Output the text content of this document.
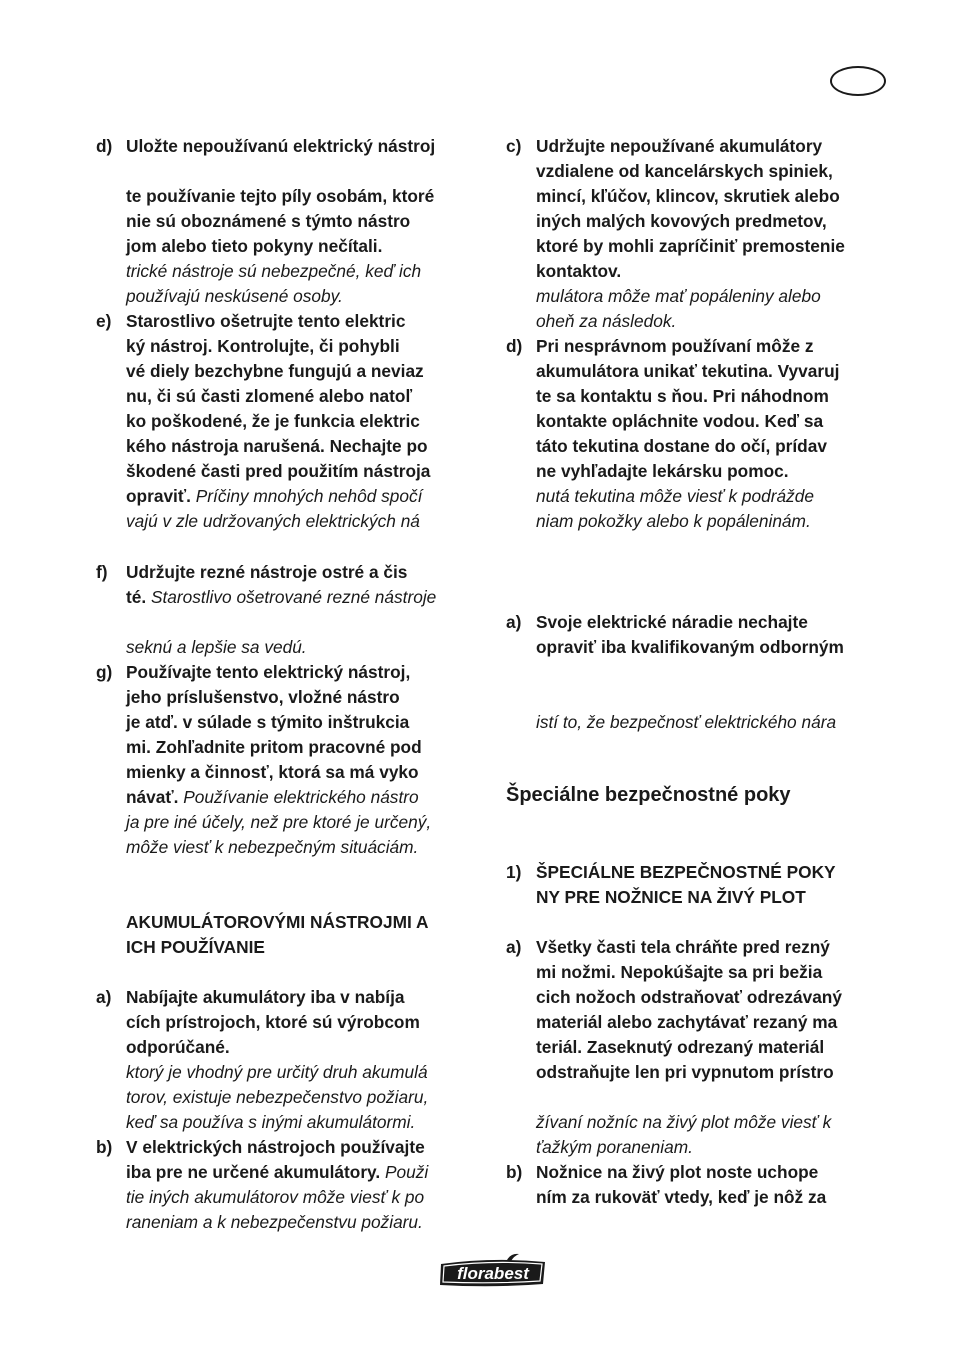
d) Uložte nepoužívanú elektrický nástroj
te používanie tejto píly osobám, ktoré
nie sú oboznámené s týmto nástro
jom alebo tieto pokyny nečítali.
trické nástroje sú nebezpečné, keď ich
používajú neskúsené osoby.
e) Starostlivo ošetrujte tento elektric
ký nástroj. Kontrolujte, či pohybli
vé diely bezchybne fungujú a neviaz
nu, či sú časti zlomené alebo natoľ
ko poškodené, že je funkcia elektric
kého nástroja narušená. Nechajte po
škodené časti pred použitím nástroja
opraviť. Príčiny mnohých nehôd spočí
vajú v zle udržovaných elektrických ná
f) Udržujte rezné nástroje ostré a čis
té. Starostlivo ošetrované rezné nástroje
seknú a lepšie sa vedú.
g) Používajte tento elektrický nástroj,
jeho príslušenstvo, vložné nástro
je atď. v súlade s týmito inštrukcia
mi. Zohľadnite pritom pracovné pod
mienky a činnosť, ktorá sa má vyko
návať. Používanie elektrického nástro
ja pre iné účely, než pre ktoré je určený,
môže viesť k nebezpečným situáciám.
AKUMULÁTOROVÝMI NÁSTROJMI A
ICH POUŽÍVANIE
a) Nabíjajte akumulátory iba v nabíja
cích prístrojoch, ktoré sú výrobcom
odporúčané.
ktorý je vhodný pre určitý druh akumulá
torov, existuje nebezpečenstvo požiaru,
keď sa používa s inými akumulátormi.
b) V elektrických nástrojoch používajte
iba pre ne určené akumulátory. Použi
tie iných akumulátorov môže viesť k po
raneniam a k nebezpečenstvu požiaru.
c) Udržujte nepoužívané akumulátory
vzdialene od kancelárskych spiniek,
mincí, kľúčov, klincov, skrutiek alebo
iných malých kovových predmetov,
ktoré by mohli zapríčiniť premostenie
kontaktov.
mulátora môže mať popáleniny alebo
oheň za následok.
d) Pri nesprávnom používaní môže z
akumulátora unikať tekutina. Vyvaruj
te sa kontaktu s ňou. Pri náhodnom
kontakte opláchnite vodou. Keď sa
táto tekutina dostane do očí, prídav
ne vyhľadajte lekársku pomoc.
nutá tekutina môže viesť k podráždе
niam pokožky alebo k popáleninám.
a) Svoje elektrické náradie nechajte
opraviť iba kvalifikovaným odborným
istí to, že bezpečnosť elektrického nára
Špeciálne bezpečnostné poky
1) ŠPECIÁLNE BEZPEČNOSTNÉ POKY
NY PRE NOŽNICE NA ŽIVÝ PLOT
a) Všetky časti tela chráňte pred rezný
mi nožmi. Nepokúšajte sa pri bežia
cich nožoch odstraňovať odrezávaný
materiál alebo zachytávať rezaný ma
teriál. Zaseknutý odrezaný materiál
odstraňujte len pri vypnutom prístro
žívaní nožníc na živý plot môže viesť k
ťažkým poraneniam.
b) Nožnice na živý plot noste uchope
ním za rukoväť vtedy, keď je nôž za
florabest
